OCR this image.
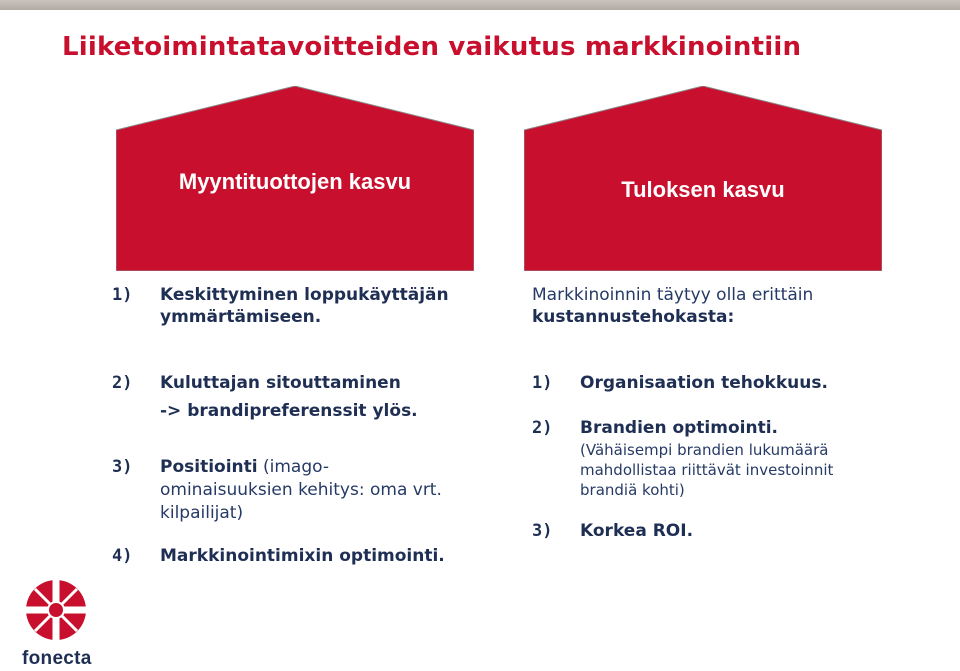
Liiketoimintatavoitteiden vaikutus markkinointiin
Myyntituottojen kasvu	Tuloksen kasvu
1) Keskittyminen loppukäyttäjän
ymmärtämiseen.
2) Kuluttajan sitouttaminen
-> brandipreferenssit ylös.
3) Positiointi (imago-
ominaisuuksien kehitys: oma vrt.
kilpailijat)
4) Markkinointimixin optimointi.
Markkinoinnin täytyy olla erittäin
kustannustehokasta:
1) Organisaation tehokkuus.
2) Brandien optimointi.
(Vähäisempi brandien lukumäärä
mahdollistaa riittävät investoinnit
brandiä kohti)
3) Korkea ROI.
fonecta
